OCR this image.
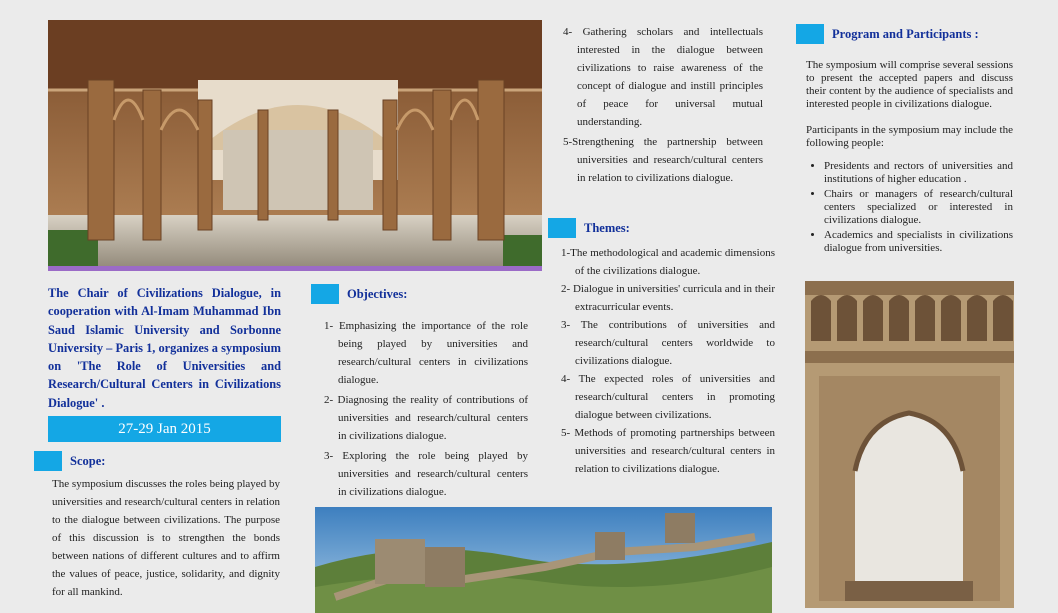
The Chair of Civilizations Dialogue, in cooperation with Al-Imam Muhammad Ibn Saud Islamic University and Sorbonne University – Paris 1, organizes a symposium on 'The Role of Universities and Research/Cultural Centers in Civilizations Dialogue' .
27-29 Jan 2015
Scope:
The symposium discusses the roles being played by universities and research/cultural centers in relation to the dialogue between civilizations. The purpose of this discussion is to strengthen the bonds between nations of different cultures and to affirm the values of peace, justice, solidarity, and dignity for all mankind.
Objectives:
1- Emphasizing the importance of the role being played by universities and research/cultural centers in civilizations dialogue.
2- Diagnosing the reality of contributions of universities and research/cultural centers in civilizations dialogue.
3- Exploring the role being played by universities and research/cultural centers in civilizations dialogue.
4- Gathering scholars and intellectuals interested in the dialogue between civilizations to raise awareness of the concept of dialogue and instill principles of peace for universal mutual understanding.
5-Strengthening the partnership between universities and research/cultural centers in relation to civilizations dialogue.
Themes:
1-The methodological and academic dimensions of the civilizations dialogue.
2- Dialogue in universities' curricula and in their extracurricular events.
3- The contributions of universities and research/cultural centers worldwide to civilizations dialogue.
4- The expected roles of universities and research/cultural centers in promoting dialogue between civilizations.
5- Methods of promoting partnerships between universities and research/cultural centers in relation to civilizations dialogue.
Program and Participants :
The symposium will comprise several sessions to present the accepted papers and discuss their content by the audience of specialists and interested people in civilizations dialogue.
Participants in the symposium may include the following people:
• Presidents and rectors of universities and institutions of higher education .
• Chairs or managers of research/cultural centers specialized or interested in civilizations dialogue.
• Academics and specialists in civilizations dialogue from universities.
